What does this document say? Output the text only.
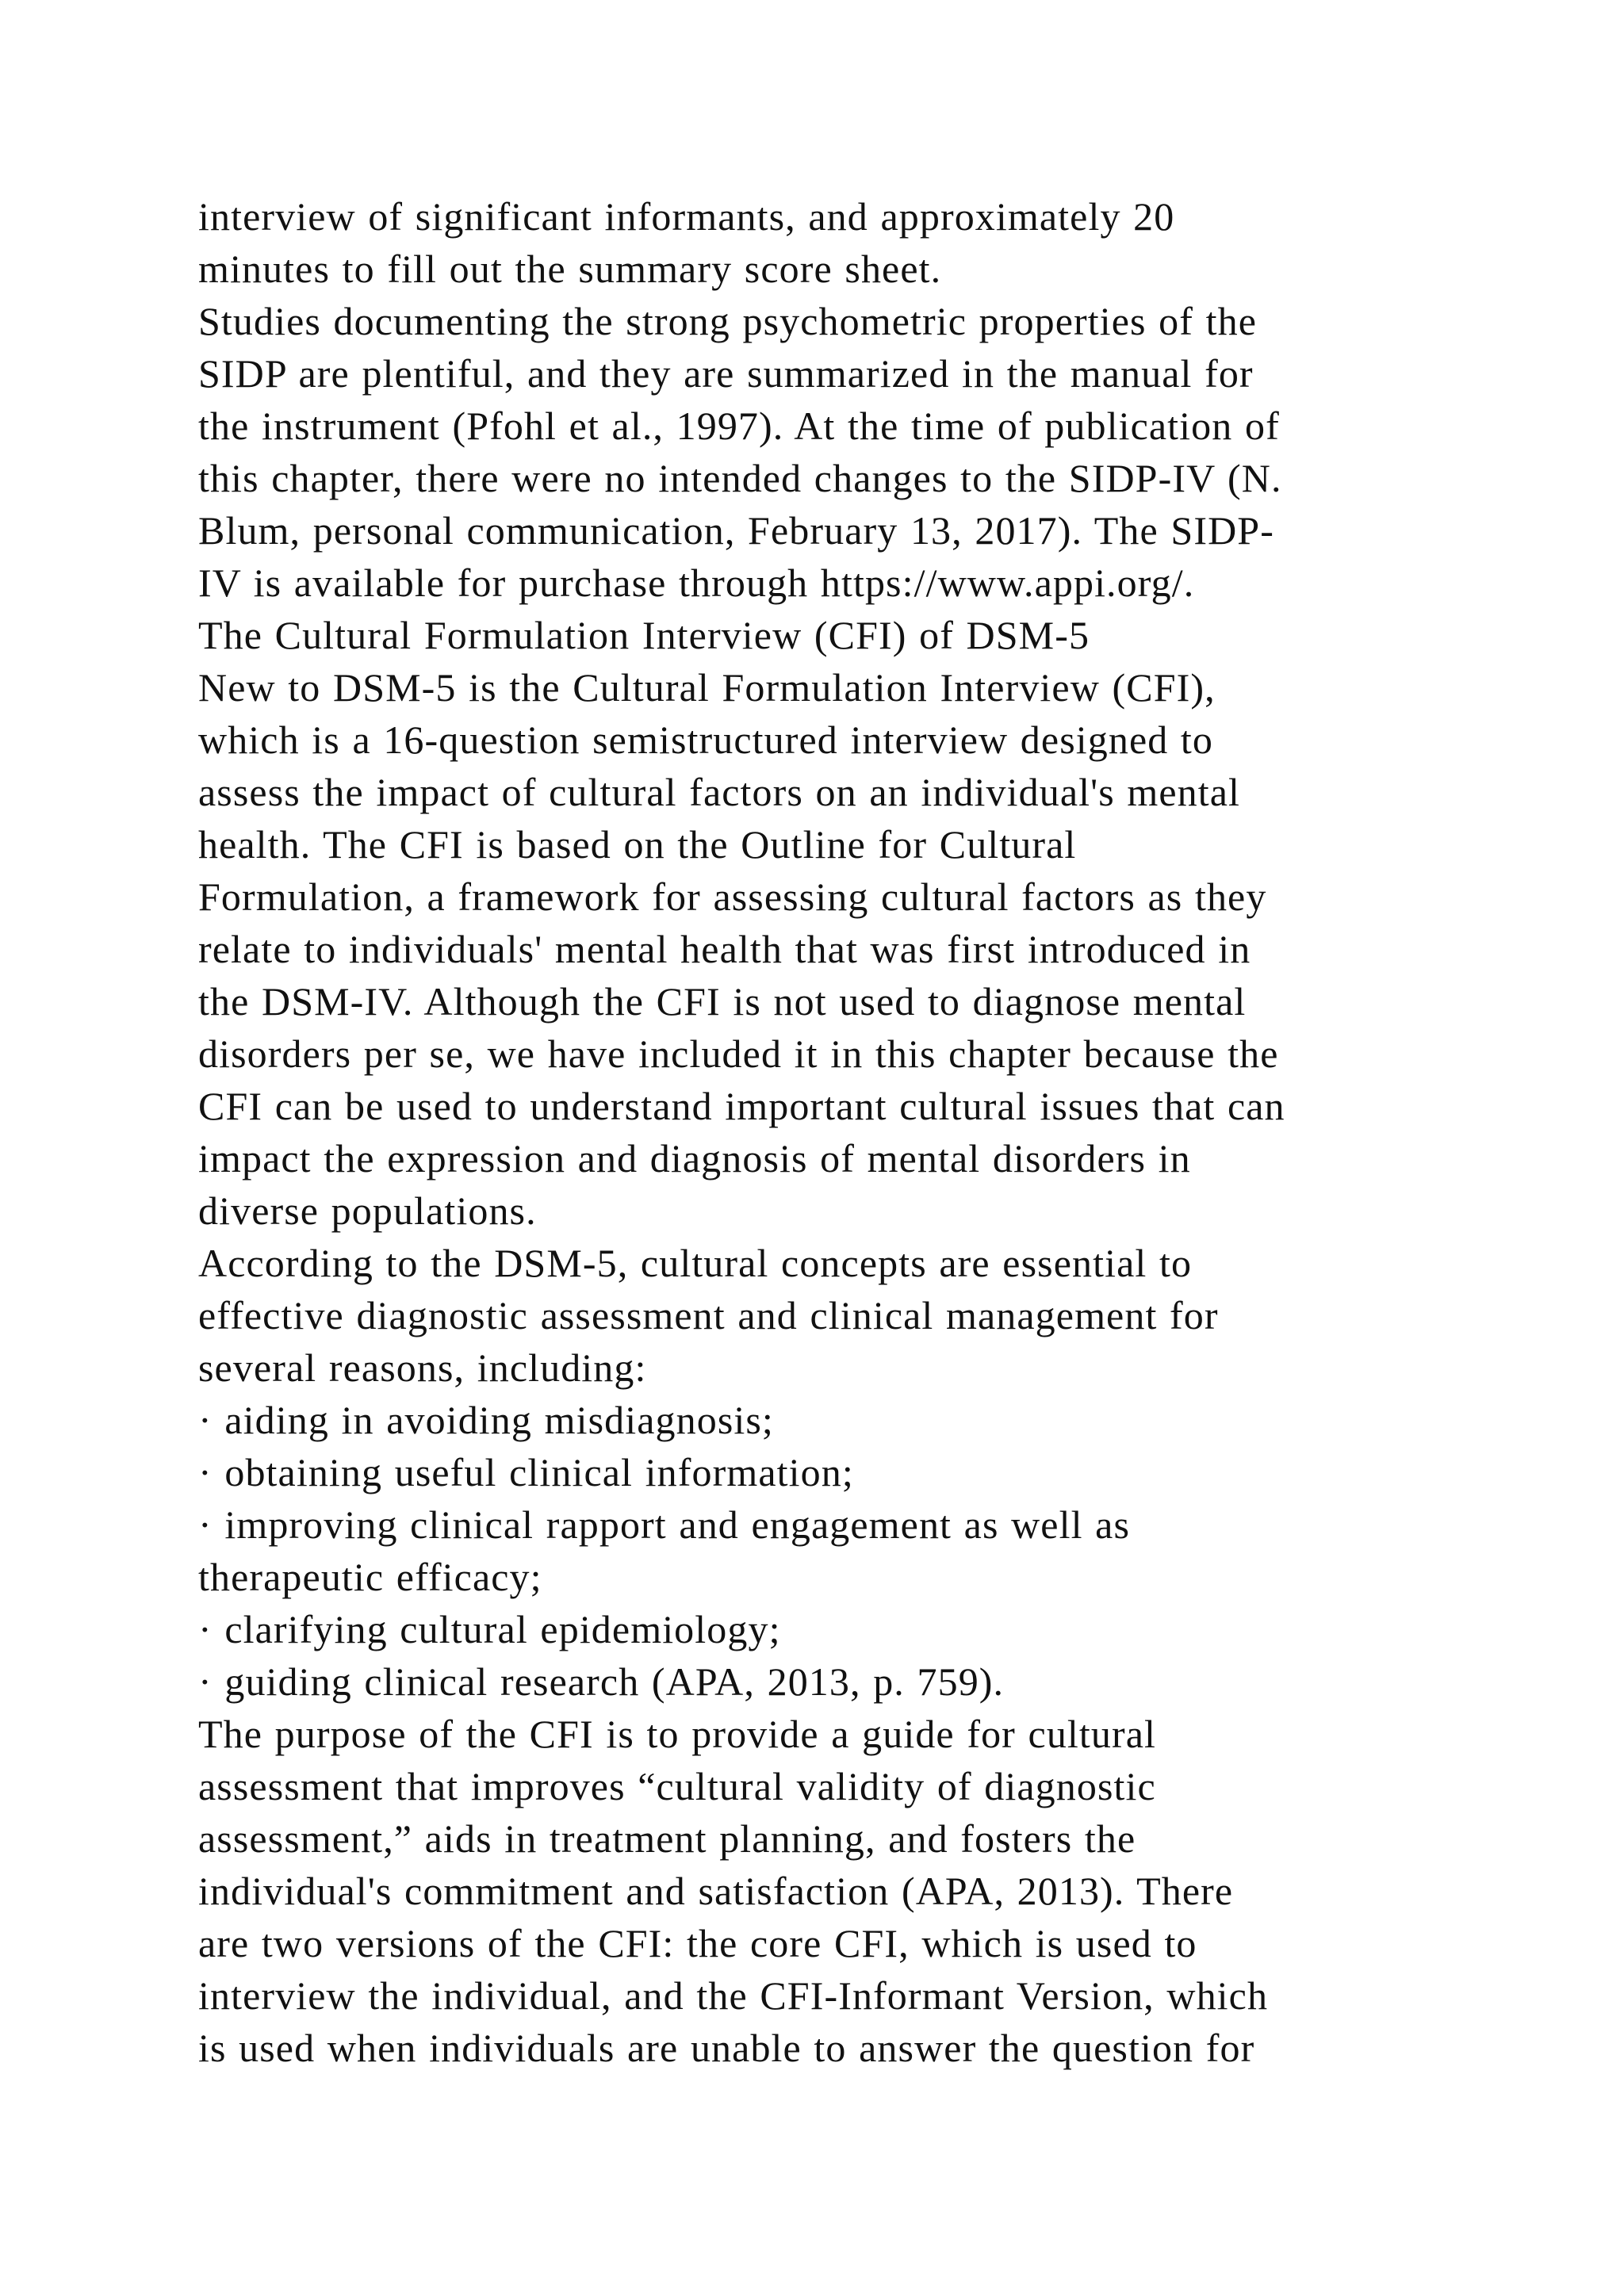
interview of significant informants, and approximately 20
minutes to fill out the summary score sheet.
Studies documenting the strong psychometric properties of the
SIDP are plentiful, and they are summarized in the manual for
the instrument (Pfohl et al., 1997). At the time of publication of
this chapter, there were no intended changes to the SIDP-IV (N.
Blum, personal communication, February 13, 2017). The SIDP-
IV is available for purchase through https://www.appi.org/.
The Cultural Formulation Interview (CFI) of DSM-5
New to DSM-5 is the Cultural Formulation Interview (CFI),
which is a 16-question semistructured interview designed to
assess the impact of cultural factors on an individual's mental
health. The CFI is based on the Outline for Cultural
Formulation, a framework for assessing cultural factors as they
relate to individuals' mental health that was first introduced in
the DSM-IV. Although the CFI is not used to diagnose mental
disorders per se, we have included it in this chapter because the
CFI can be used to understand important cultural issues that can
impact the expression and diagnosis of mental disorders in
diverse populations.
According to the DSM-5, cultural concepts are essential to
effective diagnostic assessment and clinical management for
several reasons, including:
· aiding in avoiding misdiagnosis;
· obtaining useful clinical information;
· improving clinical rapport and engagement as well as
therapeutic efficacy;
· clarifying cultural epidemiology;
· guiding clinical research (APA, 2013, p. 759).
The purpose of the CFI is to provide a guide for cultural
assessment that improves “cultural validity of diagnostic
assessment,” aids in treatment planning, and fosters the
individual's commitment and satisfaction (APA, 2013). There
are two versions of the CFI: the core CFI, which is used to
interview the individual, and the CFI-Informant Version, which
is used when individuals are unable to answer the question for
